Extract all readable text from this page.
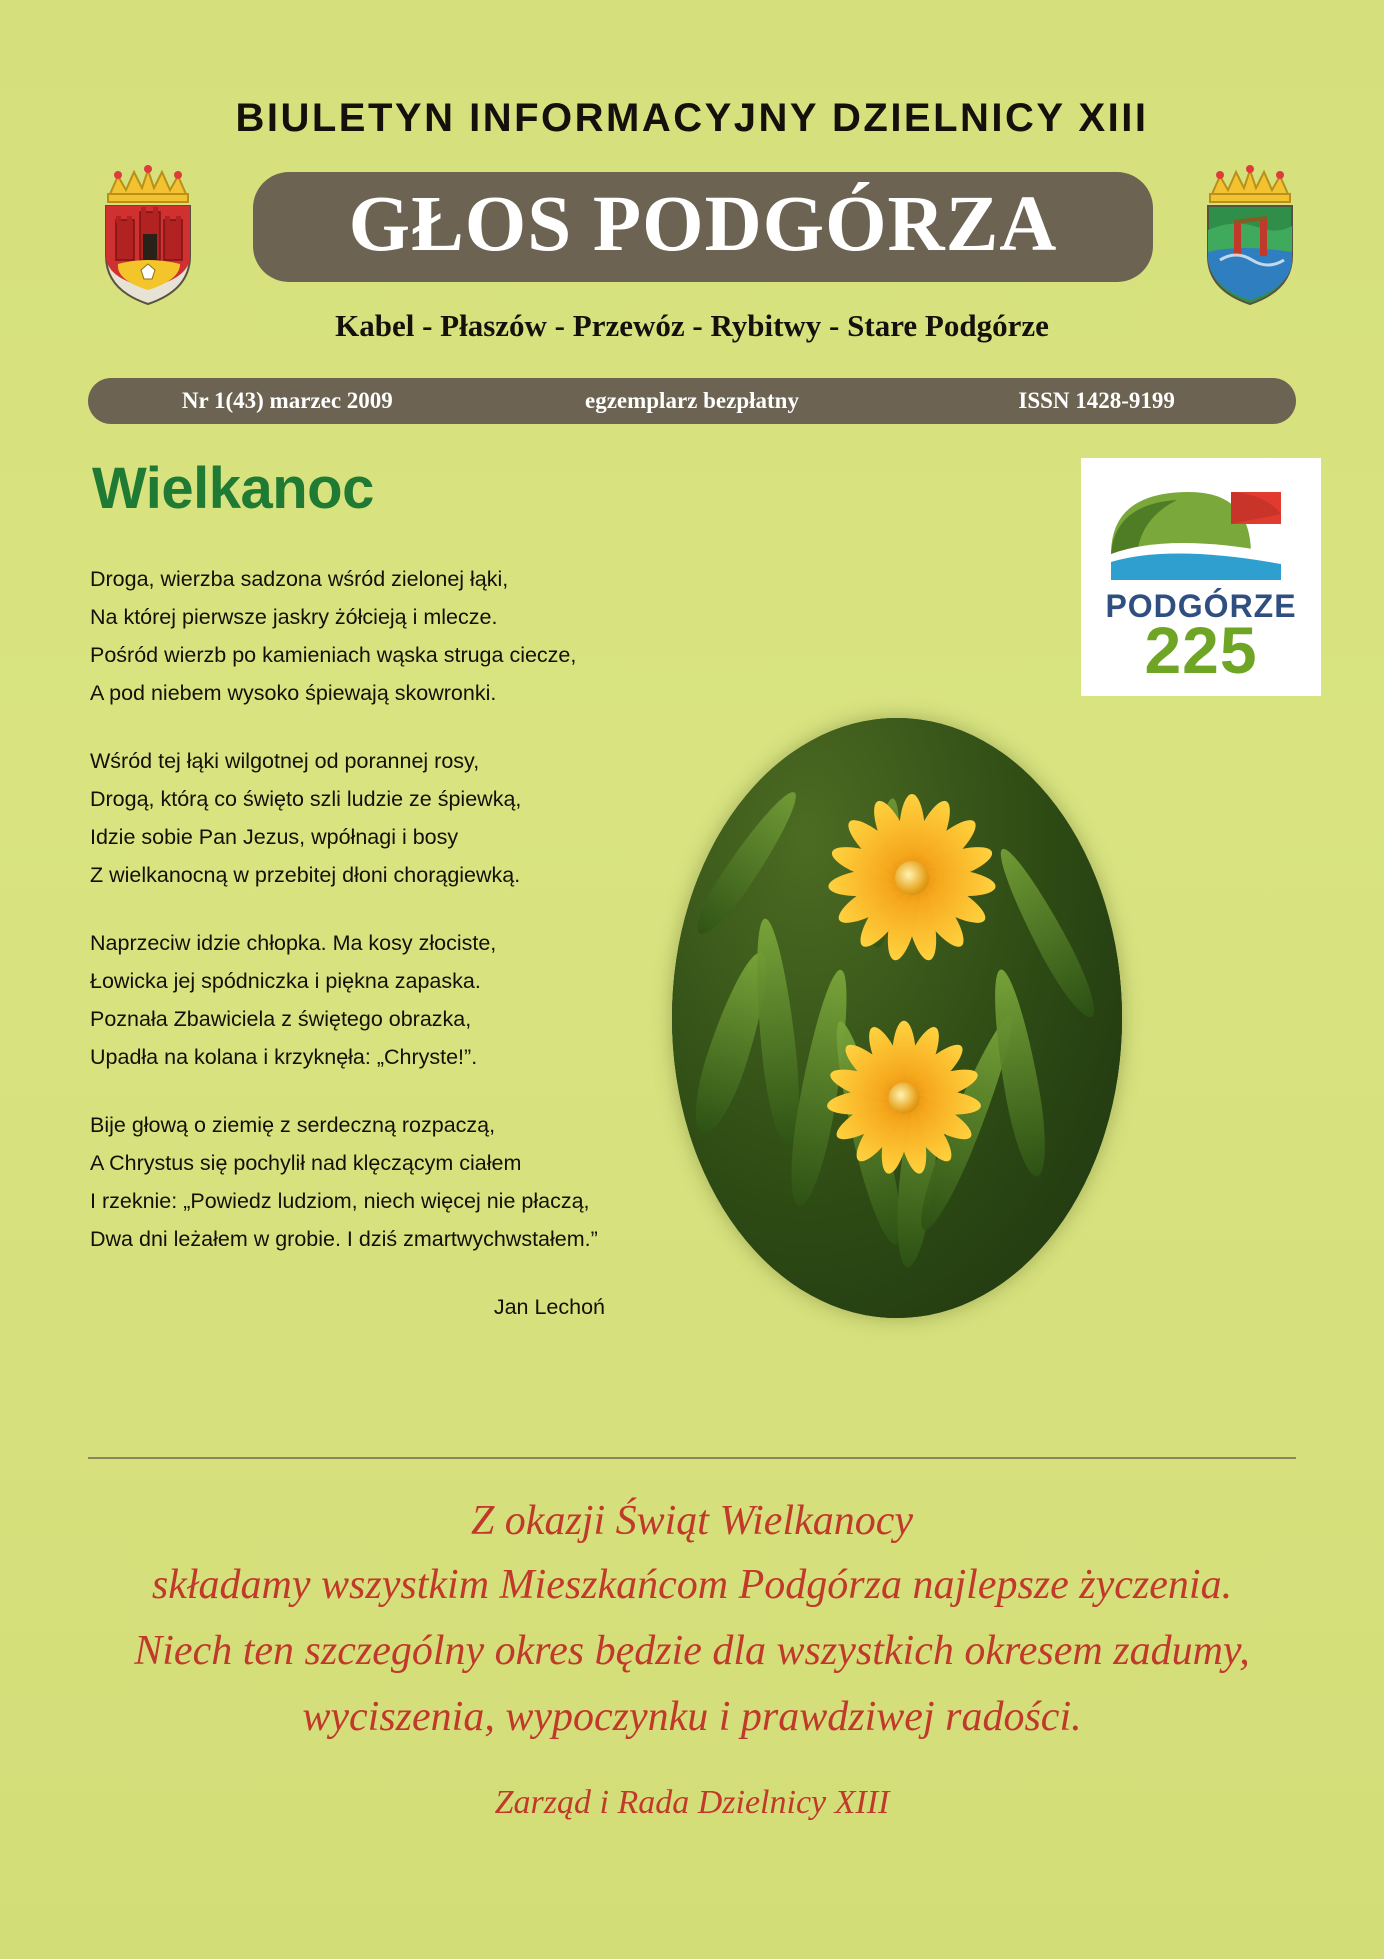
BIULETYN INFORMACYJNY DZIELNICY XIII
GŁOS PODGÓRZA
Kabel - Płaszów - Przewóz - Rybitwy - Stare Podgórze
Nr 1(43) marzec 2009	egzemplarz bezpłatny	ISSN 1428-9199
Wielkanoc
Droga, wierzba sadzona wśród zielonej łąki,
Na której pierwsze jaskry żółcieją i mlecze.
Pośród wierzb po kamieniach wąska struga ciecze,
A pod niebem wysoko śpiewają skowronki.
Wśród tej łąki wilgotnej od porannej rosy,
Drogą, którą co święto szli ludzie ze śpiewką,
Idzie sobie Pan Jezus, wpółnagi i bosy
Z wielkanocną w przebitej dłoni chorągiewką.
Naprzeciw idzie chłopka. Ma kosy złociste,
Łowicka jej spódniczka i piękna zapaska.
Poznała Zbawiciela z świętego obrazka,
Upadła na kolana i krzyknęła: „Chryste!”.
Bije głową o ziemię z serdeczną rozpaczą,
A Chrystus się pochylił nad klęczącym ciałem
I rzeknie: „Powiedz ludziom, niech więcej nie płaczą,
Dwa dni leżałem w grobie. I dziś zmartwychwstałem.”
Jan Lechoń
PODGÓRZE
225
Z okazji Świąt Wielkanocy
składamy wszystkim Mieszkańcom Podgórza najlepsze życzenia.
Niech ten szczególny okres będzie dla wszystkich okresem zadumy,
wyciszenia, wypoczynku i prawdziwej radości.
Zarząd i Rada Dzielnicy XIII
